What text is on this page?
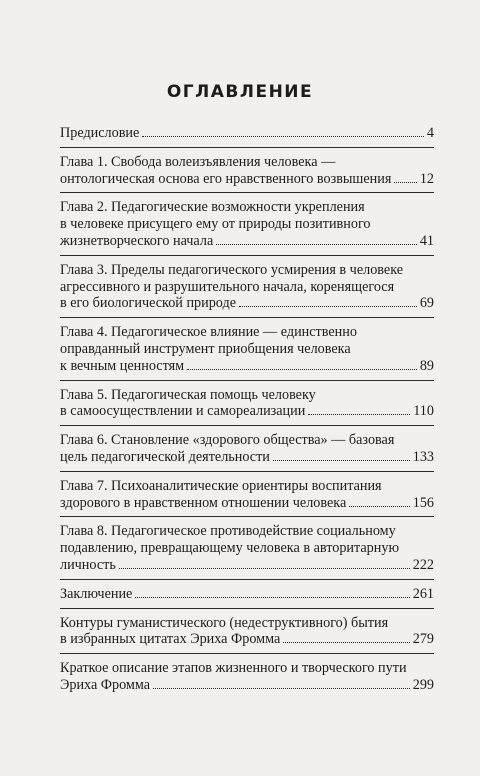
ОГЛАВЛЕНИЕ
Предисловие	4
Глава 1. Свобода волеизъявления человека —
онтологическая основа его нравственного возвышения 12
Глава 2. Педагогические возможности укрепления
в человеке присущего ему от природы позитивного
жизнетворческого начала	41
Глава 3. Пределы педагогического усмирения в человеке
агрессивного и разрушительного начала, коренящегося
в его биологической природе	69
Глава 4. Педагогическое влияние — единственно
оправданный инструмент приобщения человека
к вечным ценностям	89
Глава 5. Педагогическая помощь человеку
в самоосуществлении и самореализации	110
Глава 6. Становление «здорового общества» — базовая
цель педагогической деятельности	133
Глава 7. Психоаналитические ориентиры воспитания
здорового в нравственном отношении человека	156
Глава 8. Педагогическое противодействие социальному
подавлению, превращающему человека в авторитарную
личность	222
Заключение	261
Контуры гуманистического (недеструктивного) бытия
в избранных цитатах Эриха Фромма	279
Краткое описание этапов жизненного и творческого пути
Эриха Фромма	299
